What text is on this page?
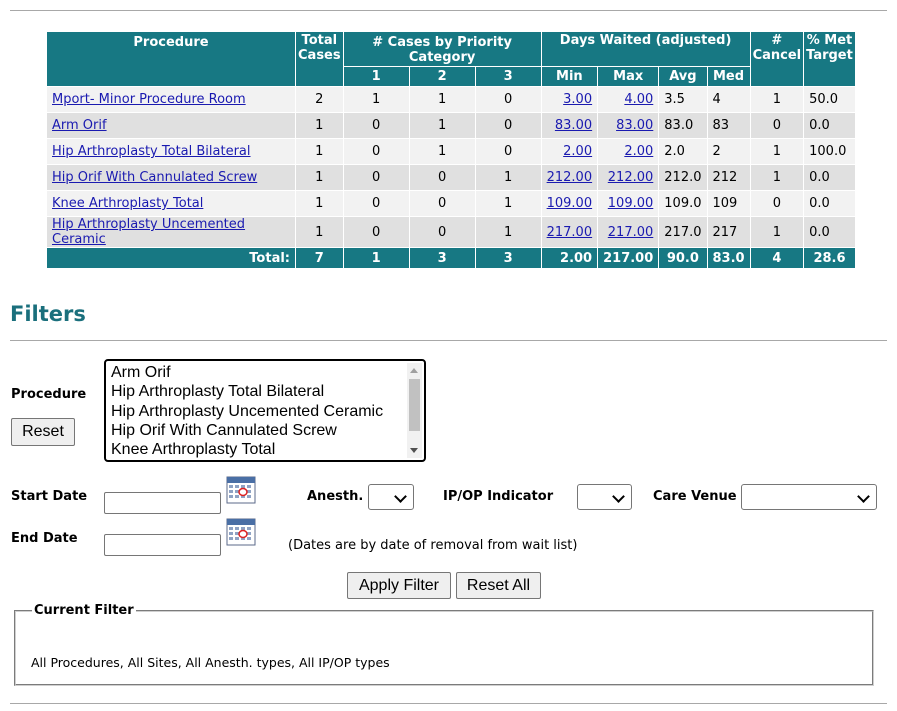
Procedure	Total Cases	# Cases by Priority Category			Days Waited (adjusted)				# Cancel	% Met Target
		1	2	3	Min	Max	Avg	Med		
Mport- Minor Procedure Room	2	1	1	0	3.00	4.00	3.5	4	1	50.0
Arm Orif	1	0	1	0	83.00	83.00	83.0	83	0	0.0
Hip Arthroplasty Total Bilateral	1	0	1	0	2.00	2.00	2.0	2	1	100.0
Hip Orif With Cannulated Screw	1	0	0	1	212.00	212.00	212.0	212	1	0.0
Knee Arthroplasty Total	1	0	0	1	109.00	109.00	109.0	109	0	0.0
Hip Arthroplasty Uncemented Ceramic	1	0	0	1	217.00	217.00	217.0	217	1	0.0
Total:	7	1	3	3	2.00	217.00	90.0	83.0	4	28.6
Filters
Procedure
Reset
Arm Orif
Hip Arthroplasty Total Bilateral
Hip Arthroplasty Uncemented Ceramic
Hip Orif With Cannulated Screw
Knee Arthroplasty Total
Start Date
End Date
Anesth.	IP/OP Indicator	Care Venue
(Dates are by date of removal from wait list)
Apply Filter	Reset All
Current Filter
All Procedures, All Sites, All Anesth. types, All IP/OP types
